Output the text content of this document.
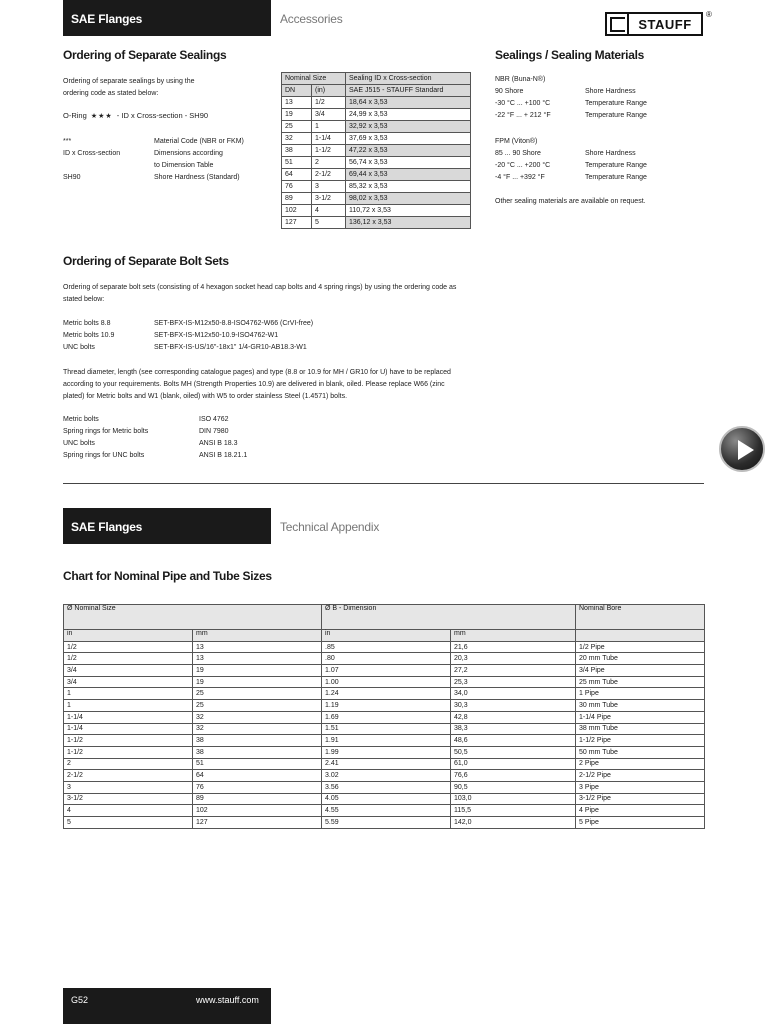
SAE Flanges	Accessories	STAUFF
®
Ordering of Separate Sealings
Ordering of separate sealings by using the
ordering code as stated below:
O-Ring ★★★ - ID x Cross-section - SH90
***	Material Code (NBR or FKM)
ID x Cross-section	Dimensions according
to Dimension Table
SH90	Shore Hardness (Standard)
Nominal Size		Sealing ID x Cross-section
DN	(in)	SAE J515 - STAUFF Standard
13	1/2	18,64 x 3,53
19	3/4	24,99 x 3,53
25	1	32,92 x 3,53
32	1-1/4	37,69 x 3,53
38	1-1/2	47,22 x 3,53
51	2	56,74 x 3,53
64	2-1/2	69,44 x 3,53
76	3	85,32 x 3,53
89	3-1/2	98,02 x 3,53
102	4	110,72 x 3,53
127	5	136,12 x 3,53
Sealings / Sealing Materials
NBR (Buna-N®)
90 Shore	Shore Hardness
-30 °C ... +100 °C	Temperature Range
-22 °F ... + 212 °F	Temperature Range
FPM (Viton®)
85 ... 90 Shore	Shore Hardness
-20 °C ... +200 °C	Temperature Range
-4 °F ... +392 °F	Temperature Range
Other sealing materials are available on request.
Ordering of Separate Bolt Sets
Ordering of separate bolt sets (consisting of 4 hexagon socket head cap bolts and 4 spring rings) by using the ordering code as
stated below:
Metric bolts 8.8	SET-BFX-IS-M12x50-8.8-ISO4762-W66 (CrVI-free)
Metric bolts 10.9	SET-BFX-IS-M12x50-10.9-ISO4762-W1
UNC bolts	SET-BFX-IS-US/16"-18x1" 1/4-GR10-AB18.3-W1
Thread diameter, length (see corresponding catalogue pages) and type (8.8 or 10.9 for MH / GR10 for U) have to be replaced
according to your requirements. Bolts MH (Strength Properties 10.9) are delivered in blank, oiled. Please replace W66 (zinc
plated) for Metric bolts and W1 (blank, oiled) with W5 to order stainless Steel (1.4571) bolts.
Metric bolts	ISO 4762
Spring rings for Metric bolts	DIN 7980
UNC bolts	ANSI B 18.3
Spring rings for UNC bolts	ANSI B 18.21.1
SAE Flanges	Technical Appendix
Chart for Nominal Pipe and Tube Sizes
Ø Nominal Size		Ø B - Dimension		Nominal Bore
in	mm	in	mm	
1/2	13	.85	21,6	1/2 Pipe
1/2	13	.80	20,3	20 mm Tube
3/4	19	1.07	27,2	3/4 Pipe
3/4	19	1.00	25,3	25 mm Tube
1	25	1.24	34,0	1 Pipe
1	25	1.19	30,3	30 mm Tube
1-1/4	32	1.69	42,8	1-1/4 Pipe
1-1/4	32	1.51	38,3	38 mm Tube
1-1/2	38	1.91	48,6	1-1/2 Pipe
1-1/2	38	1.99	50,5	50 mm Tube
2	51	2.41	61,0	2 Pipe
2-1/2	64	3.02	76,6	2-1/2 Pipe
3	76	3.56	90,5	3 Pipe
3-1/2	89	4.05	103,0	3-1/2 Pipe
4	102	4.55	115,5	4 Pipe
5	127	5.59	142,0	5 Pipe
G52	www.stauff.com
